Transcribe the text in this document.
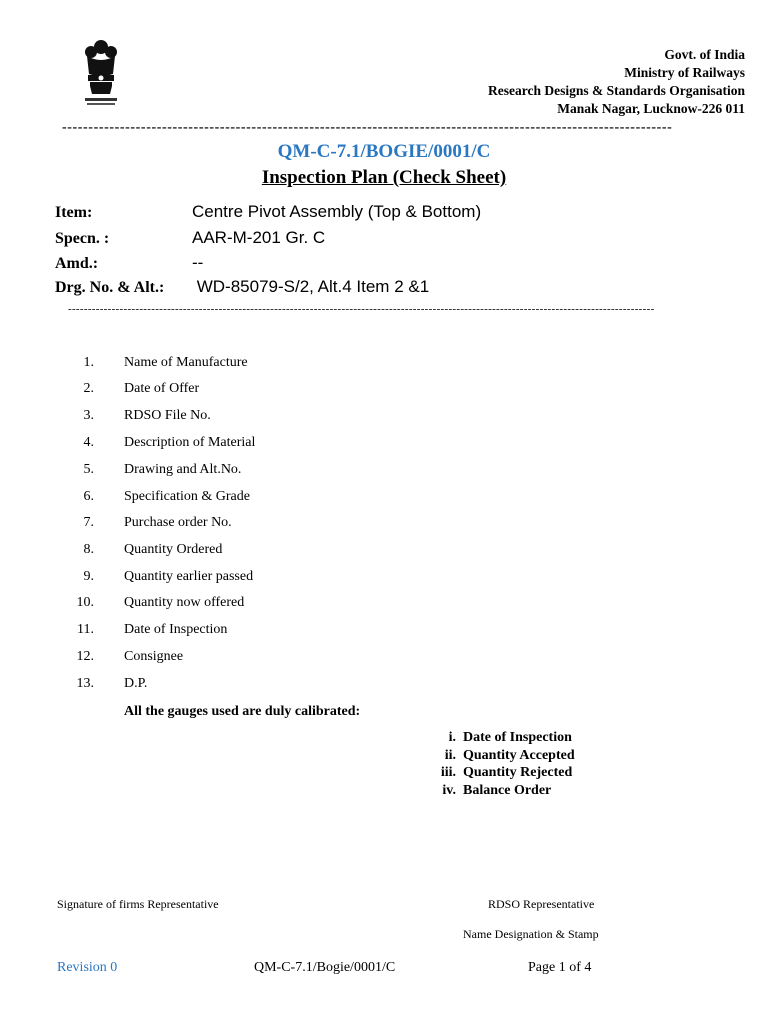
Govt. of India
Ministry of Railways
Research Designs & Standards Organisation
Manak Nagar, Lucknow-226 011
--------------------------------------------------------------------------------------------------------------------
QM-C-7.1/BOGIE/0001/C
Inspection Plan (Check Sheet)
Item:	Centre Pivot Assembly (Top & Bottom)
Specn. :	AAR-M-201 Gr. C
Amd.:	--
Drg. No. & Alt.: WD-85079-S/2, Alt.4 Item 2 &1
----------------------------------------------------------------------------------------------------------------------------------------------------
1. Name of Manufacture
2. Date of Offer
3. RDSO File No.
4. Description of Material
5. Drawing and Alt.No.
6. Specification & Grade
7. Purchase order No.
8. Quantity Ordered
9. Quantity earlier passed
10. Quantity now offered
11. Date of Inspection
12. Consignee
13. D.P.
All the gauges used are duly calibrated:
i. Date of Inspection
ii. Quantity Accepted
iii. Quantity Rejected
iv. Balance Order
Signature of firms Representative	RDSO Representative
Name Designation & Stamp
Revision 0	QM-C-7.1/Bogie/0001/C	Page 1 of 4
